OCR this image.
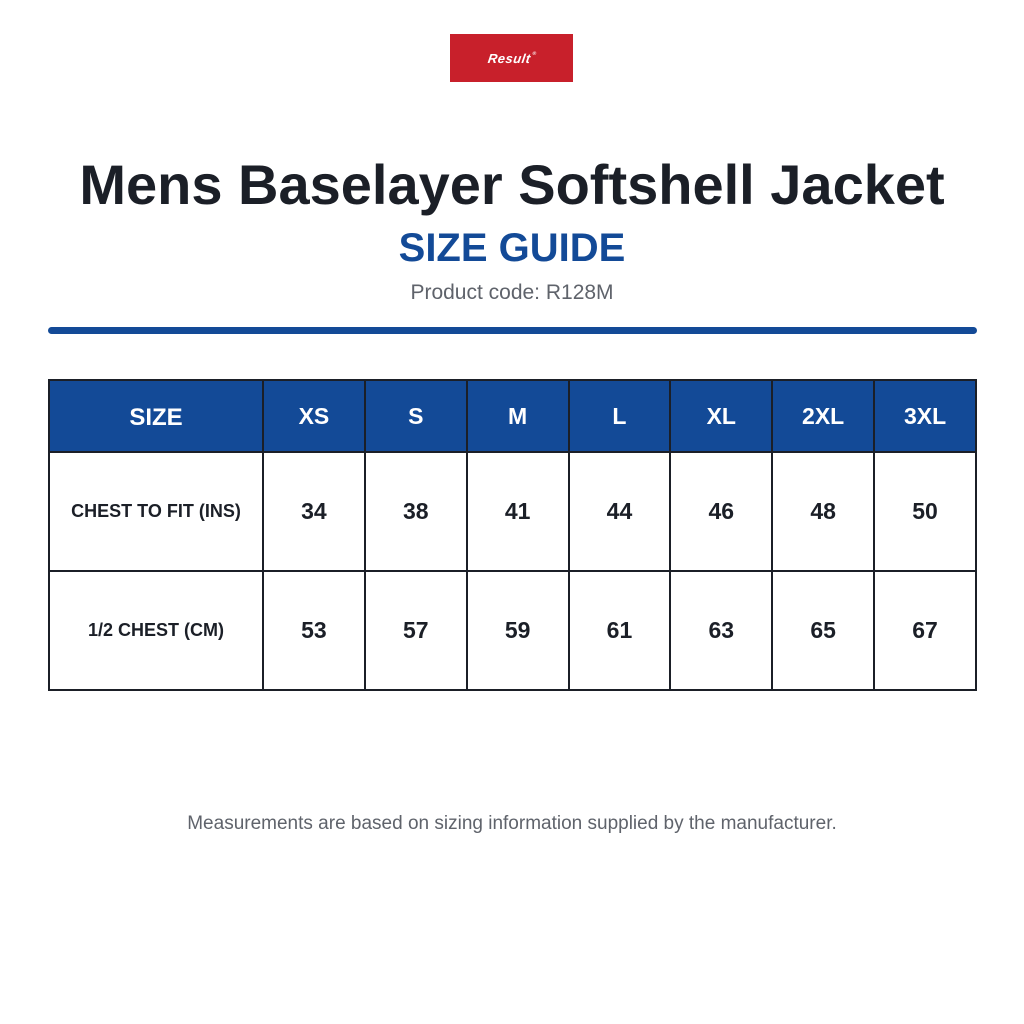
Result®
Mens Baselayer Softshell Jacket
SIZE GUIDE
Product code: R128M
SIZE	XS	S	M	L	XL	2XL	3XL
CHEST TO FIT (INS)	34	38	41	44	46	48	50
1/2 CHEST (CM)	53	57	59	61	63	65	67
Measurements are based on sizing information supplied by the manufacturer.
